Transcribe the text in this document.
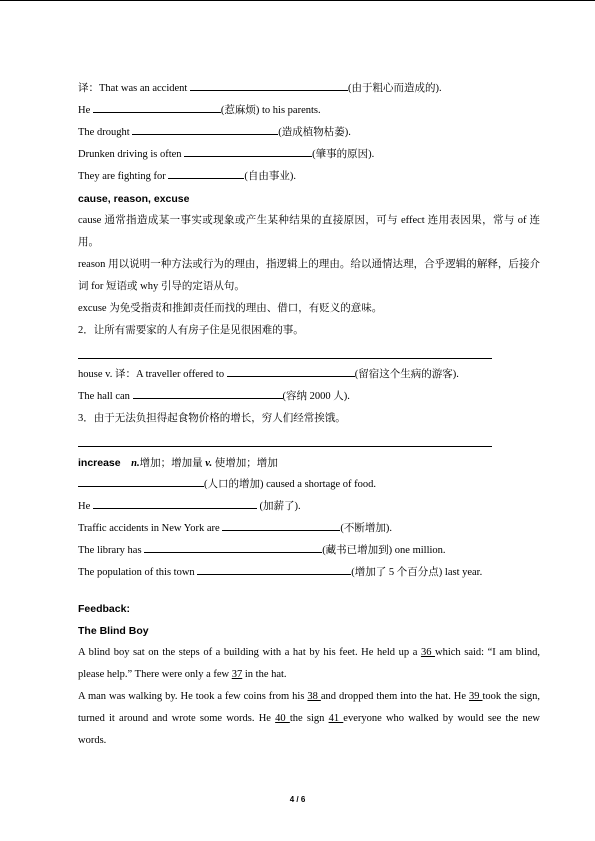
译：That was an accident	(由于粗心而造成的).
He	(惹麻烦) to his parents.
The drought	(造成植物枯萎).
Drunken driving is often	(肇事的原因).
They are fighting for	(自由事业).
cause, reason, excuse
cause 通常指造成某一事实或现象或产生某种结果的直接原因，可与 effect 连用表因果，常与 of 连用。
reason 用以说明一种方法或行为的理由，指逻辑上的理由。给以通情达理，合乎逻辑的解释，后接介词 for 短语或 why 引导的定语从句。
excuse 为免受指责和推卸责任而找的理由、借口，有贬义的意味。
2．让所有需要家的人有房子住是见很困难的事。
house v. 译：A traveller offered to	(留宿这个生病的游客).
The hall can	(容纳 2000 人).
3．由于无法负担得起食物价格的增长，穷人们经常挨饿。
increase n.增加；增加量 v. 使增加；增加
(人口的增加) caused a shortage of food.
He	(加薪了).
Traffic accidents in New York are	(不断增加).
The library has	(藏书已增加到) one million.
The population of this town	(增加了 5 个百分点) last year.
Feedback:
The Blind Boy

A blind boy sat on the steps of a building with a hat by his feet. He held up a 36 which said: “I am blind, please help.” There were only a few 37 in the hat.

A man was walking by. He took a few coins from his 38 and dropped them into the hat. He 39 took the sign, turned it around and wrote some words. He 40 the sign 41 everyone who walked by would see the new words.

4 / 6
